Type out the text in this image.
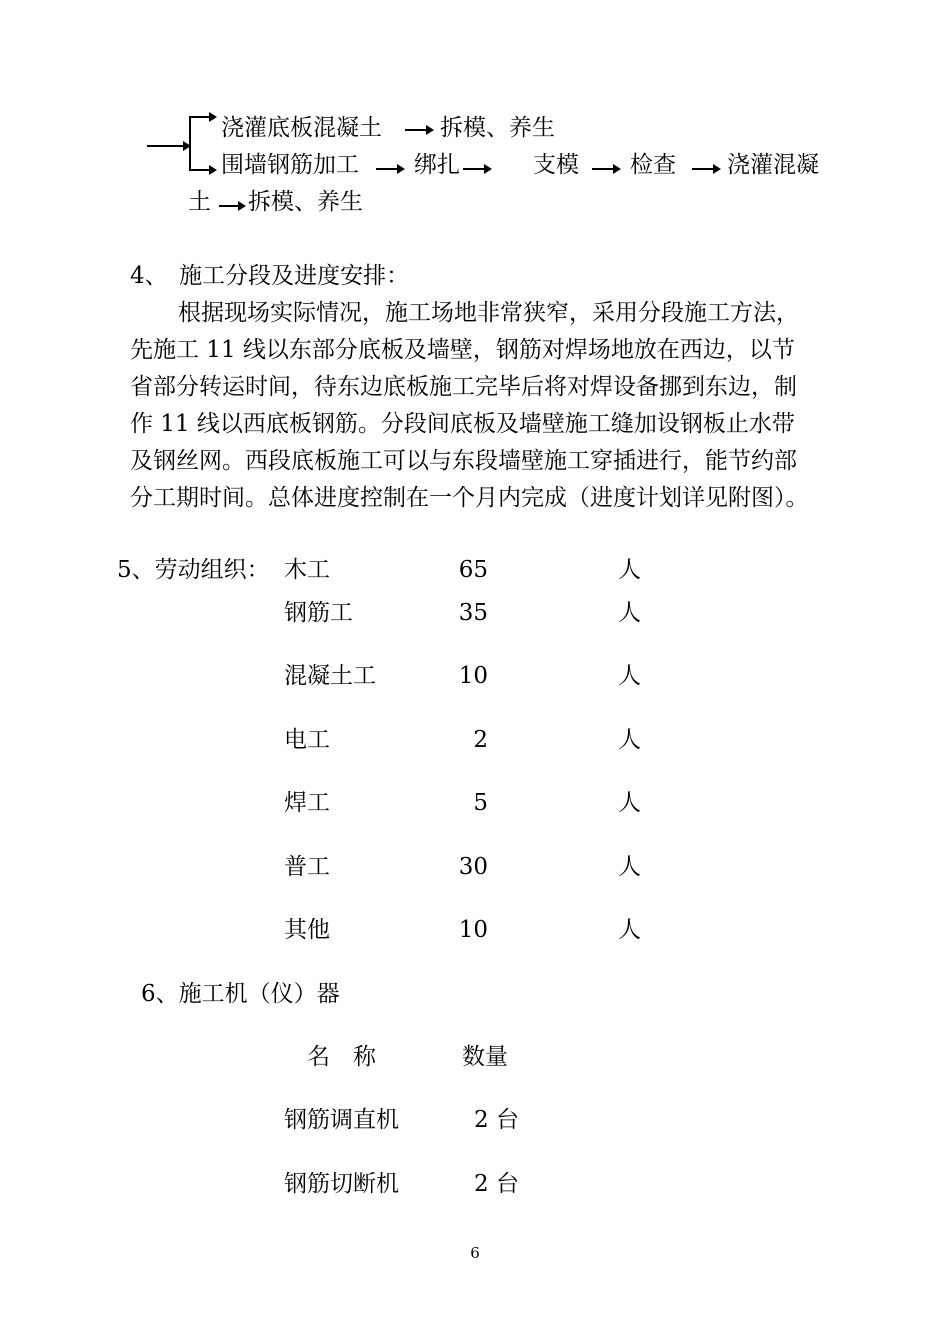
浇灌底板混凝土	拆模、养生
围墙钢筋加工 绑扎	支模 检查 浇灌混凝
土 拆模、养生
4、　施工分段及进度安排：
根据现场实际情况，施工场地非常狭窄，采用分段施工方法，
先施工 11 线以东部分底板及墙壁，钢筋对焊场地放在西边，以节
省部分转运时间，待东边底板施工完毕后将对焊设备挪到东边，制
作 11 线以西底板钢筋。分段间底板及墙壁施工缝加设钢板止水带
及钢丝网。西段底板施工可以与东段墙壁施工穿插进行，能节约部
分工期时间。总体进度控制在一个月内完成（进度计划详见附图）。
5、劳动组织： 木工	65	人
钢筋工	35	人
混凝土工	10	人
电工	2	人
焊工	5	人
普工	30	人
其他	10	人
6、施工机（仪）器
名　称	数量
钢筋调直机	2 台
钢筋切断机	2 台
6
